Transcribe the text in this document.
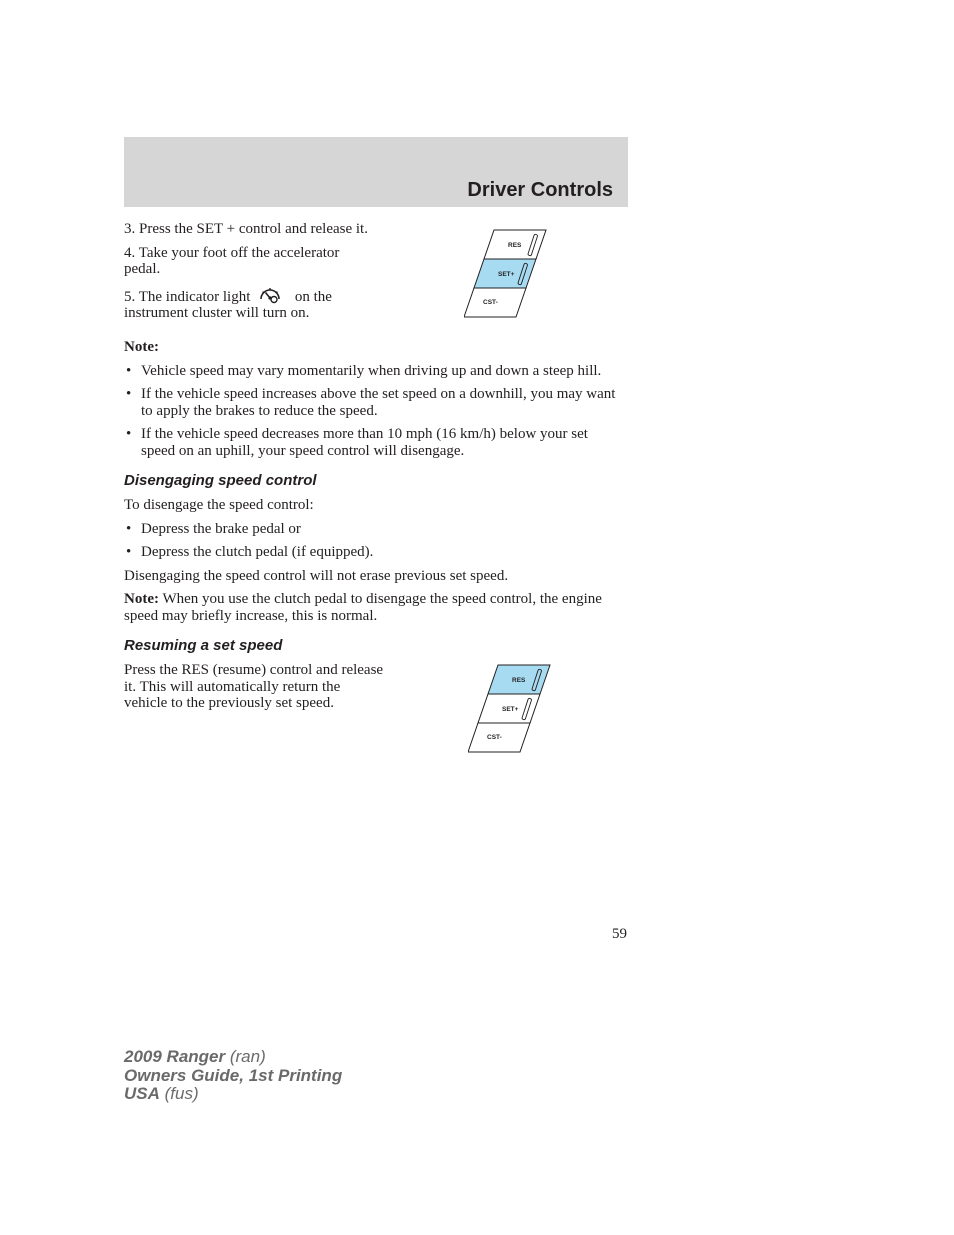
Driver Controls

3. Press the SET + control and release it.

4. Take your foot off the accelerator pedal.

5. The indicator light	on the instrument cluster will turn on.

RES
SET+
CST-

Note:

• Vehicle speed may vary momentarily when driving up and down a steep hill.
• If the vehicle speed increases above the set speed on a downhill, you may want to apply the brakes to reduce the speed.
• If the vehicle speed decreases more than 10 mph (16 km/h) below your set speed on an uphill, your speed control will disengage.
Disengaging speed control

To disengage the speed control:

• Depress the brake pedal or
• Depress the clutch pedal (if equipped).

Disengaging the speed control will not erase previous set speed.

Note: When you use the clutch pedal to disengage the speed control, the engine speed may briefly increase, this is normal.

Resuming a set speed

Press the RES (resume) control and release it. This will automatically return the vehicle to the previously set speed.

RES
SET+
CST-
59
2009 Ranger (ran)
Owners Guide, 1st Printing
USA (fus)
